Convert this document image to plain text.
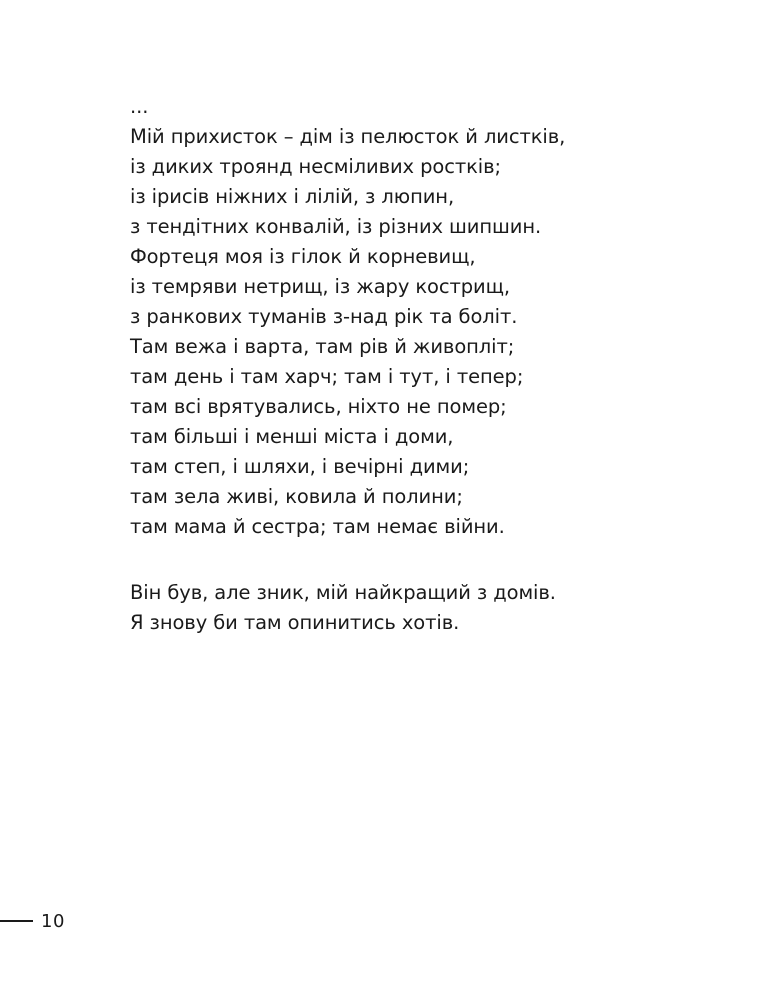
...
Мій прихисток – дім із пелюсток й листків,
із диких троянд несміливих ростків;
із ірисів ніжних і лілій, з люпин,
з тендітних конвалій, із різних шипшин.
Фортеця моя із гілок й корневищ,
із темряви нетрищ, із жару кострищ,
з ранкових туманів з-над рік та боліт.
Там вежа і варта, там рів й живопліт;
там день і там харч; там і тут, і тепер;
там всі врятувались, ніхто не помер;
там більші і менші міста і доми,
там степ, і шляхи, і вечірні дими;
там зела живі, ковила й полини;
там мама й сестра; там немає війни.
Він був, але зник, мій найкращий з домів.
Я знову би там опинитись хотів.
10
